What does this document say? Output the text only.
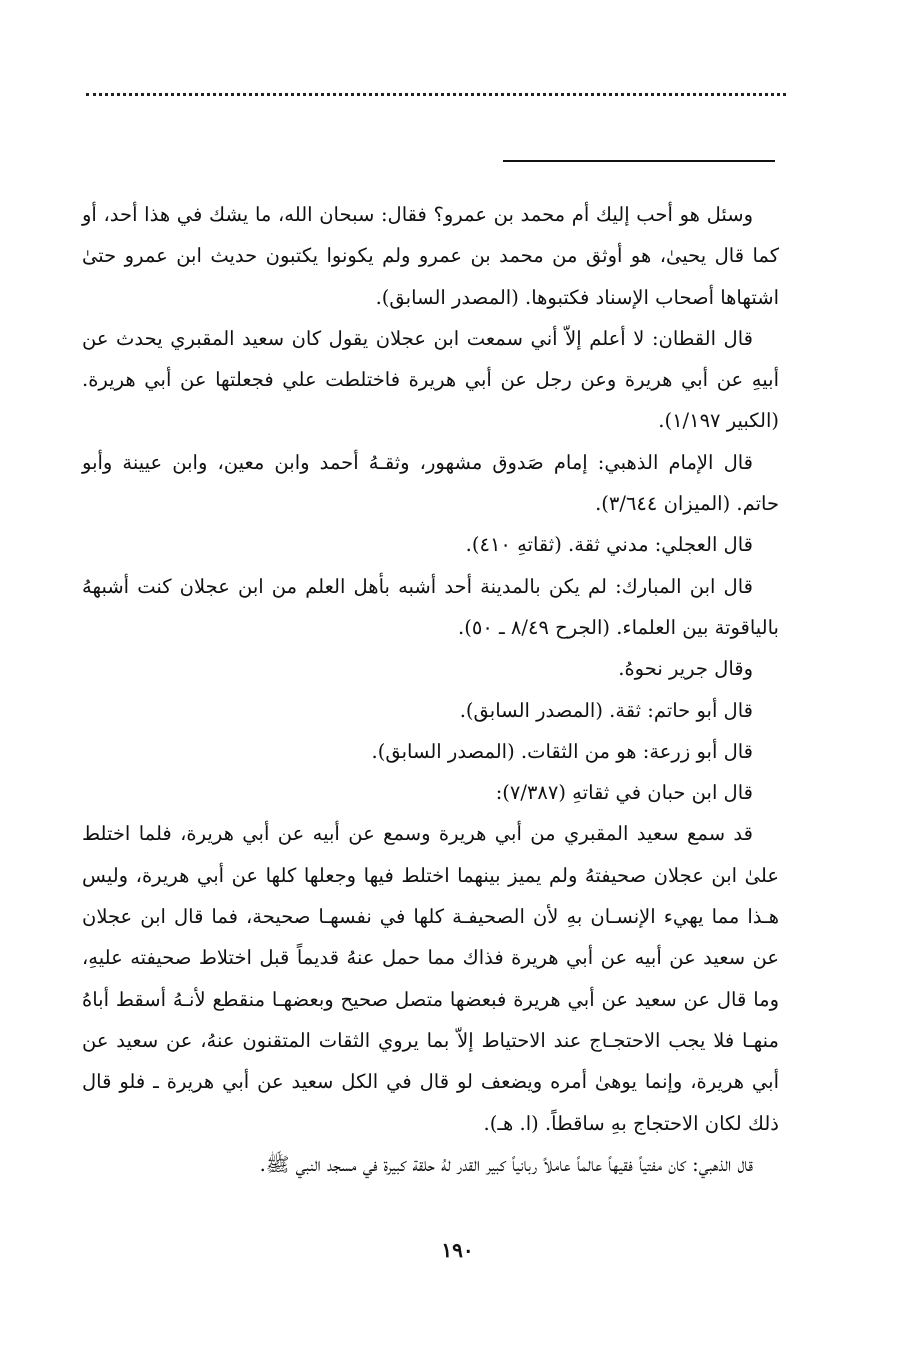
وسئل هو أحب إليك أم محمد بن عمرو؟ فقال: سبحان الله، ما يشك في هذا أحد، أو كما قال يحيىٰ، هو أوثق من محمد بن عمرو ولم يكونوا يكتبون حديث ابن عمرو حتىٰ اشتهاها أصحاب الإسناد فكتبوها. (المصدر السابق).

قال القطان: لا أعلم إلاّ أني سمعت ابن عجلان يقول كان سعيد المقبري يحدث عن أبيهِ عن أبي هريرة وعن رجل عن أبي هريرة فاختلطت علي فجعلتها عن أبي هريرة. (الكبير ١/١٩٧).

قال الإمام الذهبي: إمام صَدوق مشهور، وثقـهُ أحمد وابن معين، وابن عيينة وأبو حاتم. (الميزان ٣/٦٤٤).

قال العجلي: مدني ثقة. (ثقاتهِ ٤١٠).

قال ابن المبارك: لم يكن بالمدينة أحد أشبه بأهل العلم من ابن عجلان كنت أشبههُ بالياقوتة بين العلماء. (الجرح ٨/٤٩ ـ ٥٠).

وقال جرير نحوهُ.

قال أبو حاتم: ثقة. (المصدر السابق).

قال أبو زرعة: هو من الثقات. (المصدر السابق).

قال ابن حبان في ثقاتهِ (٧/٣٨٧):

قد سمع سعيد المقبري من أبي هريرة وسمع عن أبيه عن أبي هريرة، فلما اختلط علىٰ ابن عجلان صحيفتهُ ولم يميز بينهما اختلط فيها وجعلها كلها عن أبي هريرة، وليس هـذا مما يهيء الإنسـان بهِ لأن الصحيفـة كلها في نفسهـا صحيحة، فما قال ابن عجلان عن سعيد عن أبيه عن أبي هريرة فذاك مما حمل عنهُ قديماً قبل اختلاط صحيفته عليهِ، وما قال عن سعيد عن أبي هريرة فبعضها متصل صحيح وبعضهـا منقطع لأنـهُ أسقط أباهُ منهـا فلا يجب الاحتجـاج عند الاحتياط إلاّ بما يروي الثقات المتقنون عنهُ، عن سعيد عن أبي هريرة، وإنما يوهىٰ أمره ويضعف لو قال في الكل سعيد عن أبي هريرة ـ فلو قال ذلك لكان الاحتجاج بهِ ساقطاً. (ا. هـ).

قال الذهبي: كان مفتياً فقيهاً عالماً عاملاً ربانياً كبير القدر لهُ حلقة كبيرة في مسجد النبي ﷺ.

١٩٠
